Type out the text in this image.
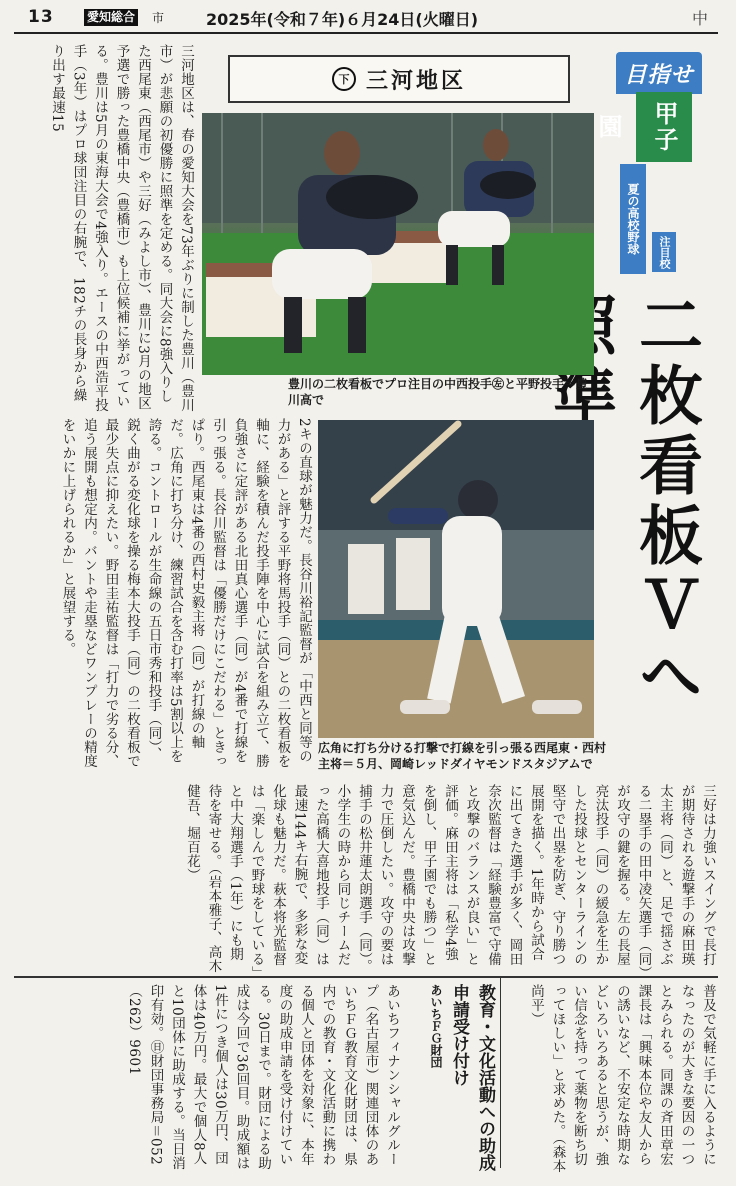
13	愛知総合 市	2025年(令和７年)６月24日(火曜日)	中
下 三河地区	目指せ
甲子園
夏の高校野球	注目校
二枚看板Ｖへ 準
三河地区は、春の愛知大会を73年ぶりに制した豊川（豊川市）が悲願の初優勝に照準を定める。同大会に8強入りした西尾東（西尾市）や三好（みよし市）、豊川に3月の地区予選で勝った豊橋中央（豊橋市）も上位候補に挙がっている。豊川は5月の東海大会で4強入り。エースの中西浩平投手（3年）はプロ球団注目の右腕で、182チの長身から繰り出す最速15
豊川の二枚看板でプロ注目の中西投手㊧と平野投手＝豊川高で
2キの直球が魅力だ。長谷川裕記監督が「中西と同等の力がある」と評する平野将馬投手（同）との二枚看板を軸に、経験を積んだ投手陣を中心に試合を組み立て、勝負強さに定評がある北田真心選手（同）が4番で打線を引っ張る。長谷川監督は「優勝だけにこだわる」ときっぱり。西尾東は4番の西村史毅主将（同）が打線の軸だ。広角に打ち分け、練習試合を含む打率は5割以上を誇る。コントロールが生命線の五日市秀和投手（同）、鋭く曲がる変化球を操る梅本大投手（同）の二枚看板で最少失点に抑えたい。野田圭祐監督は「打力で劣る分、追う展開も想定内。バントや走塁などワンプレーの精度をいかに上げられるか」と展望する。
広角に打ち分ける打撃で打線を引っ張る西尾東・西村主将＝５月、岡崎レッドダイヤモンドスタジアムで
三好は力強いスイングで長打が期待される遊撃手の麻田瑛太主将（同）と、足で揺さぶる二塁手の田中凌矢選手（同）が攻守の鍵を握る。左の長屋亮汰投手（同）の緩急を生かした投球とセンターラインの堅守で出塁を防ぎ、守り勝つ展開を描く。1年時から試合に出てきた選手が多く、岡田奈次監督は「経験豊富で守備と攻撃のバランスが良い」と評価。麻田主将は「私学4強を倒し、甲子園でも勝つ」と意気込んだ。豊橋中央は攻撃力で圧倒したい。攻守の要は捕手の松井蓮太朗選手（同）。小学生の時から同じチームだった高橋大喜地投手（同）は最速144キ右腕で、多彩な変化球も魅力だ。萩本将光監督は「楽しんで野球をしている」と中大翔選手（1年）にも期待を寄せる。（岩本雅子、高木健吾、堀百花）
普及で気軽に手に入るようになったのが大きな要因の一つとみられる。同課の斉田章宏課長は「興味本位や友人からの誘いなど、不安定な時期などいろいろあると思うが、強い信念を持って薬物を断ち切ってほしい」と求めた。（森本尚平）
教育・文化活動への助成申請受け付け
あいちＦＧ財団
あいちフィナンシャルグループ（名古屋市）関連団体のあいちＦＧ教育文化財団は、県内での教育・文化活動に携わる個人と団体を対象に、本年度の助成申請を受け付けている。30日まで。財団による助成は今回で36回目。助成額は1件につき個人は30万円、団体は40万円。最大で個人8人と10団体に助成する。当日消印有効。㊐財団事務局＝052（262）9601
